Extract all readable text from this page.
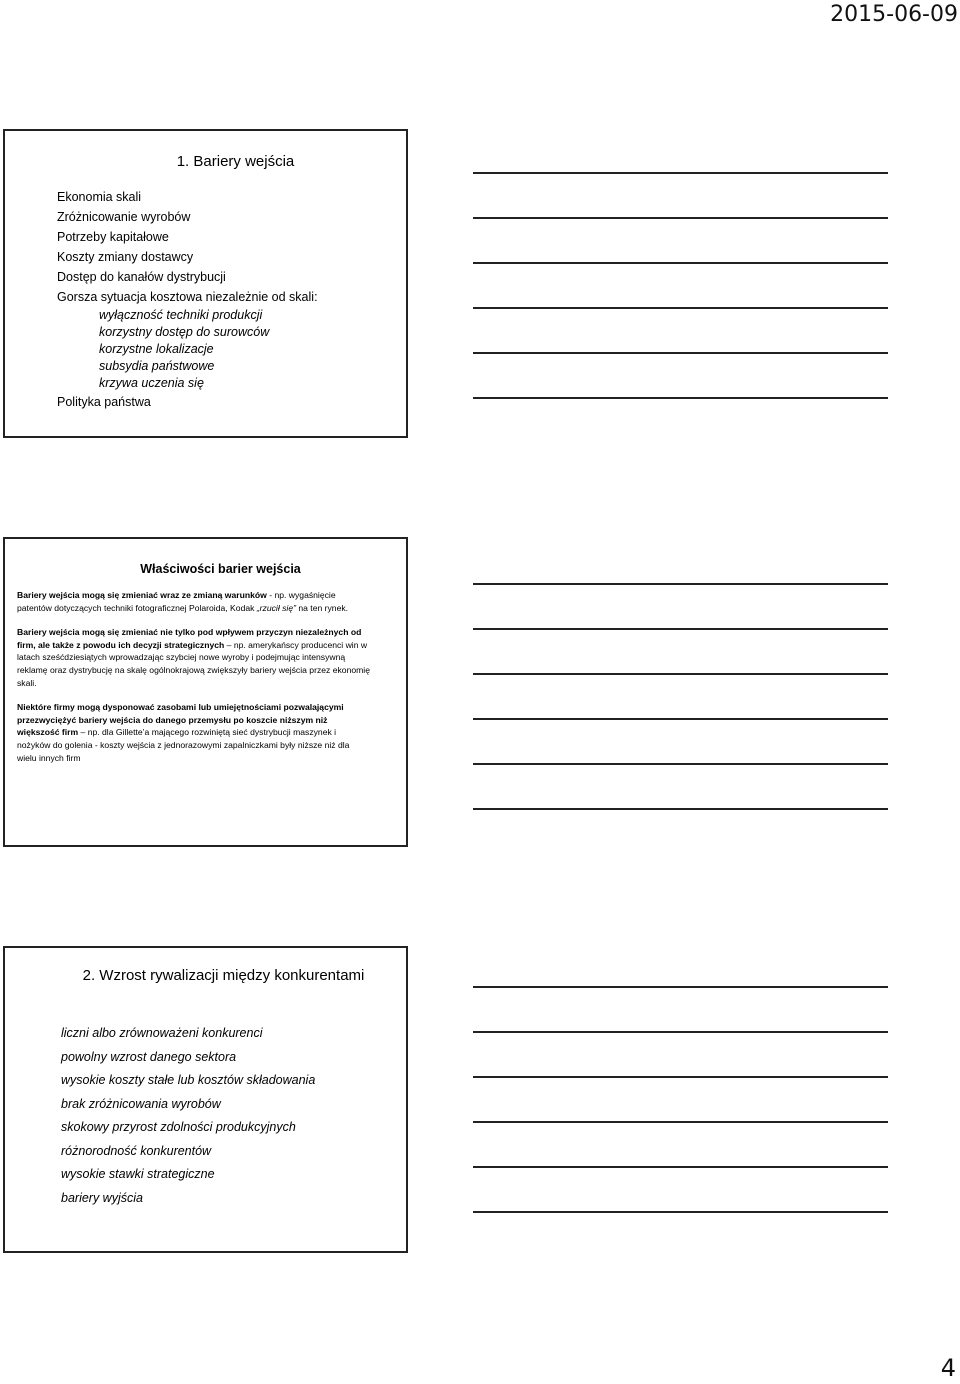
2015-06-09
1. Bariery wejścia
Ekonomia skali
Zróżnicowanie wyrobów
Potrzeby kapitałowe
Koszty zmiany dostawcy
Dostęp do kanałów dystrybucji
Gorsza sytuacja kosztowa niezależnie od skali:
wyłączność techniki produkcji
korzystny dostęp do surowców
korzystne lokalizacje
subsydia państwowe
krzywa uczenia się
Polityka państwa
Właściwości barier wejścia

Bariery wejścia mogą się zmieniać wraz ze zmianą warunków - np. wygaśnięcie patentów dotyczących techniki fotograficznej Polaroida, Kodak „rzucił się” na ten rynek.

Bariery wejścia mogą się zmieniać nie tylko pod wpływem przyczyn niezależnych od firm, ale także z powodu ich decyzji strategicznych – np. amerykańscy producenci win w latach sześćdziesiątych wprowadzając szybciej nowe wyroby i podejmując intensywną reklamę oraz dystrybucję na skalę ogólnokrajową zwiększyły bariery wejścia przez ekonomię skali.

Niektóre firmy mogą dysponować zasobami lub umiejętnościami pozwalającymi przezwyciężyć bariery wejścia do danego przemysłu po koszcie niższym niż większość firm – np. dla Gillette’a mającego rozwiniętą sieć dystrybucji maszynek i nożyków do golenia - koszty wejścia z jednorazowymi zapalniczkami były niższe niż dla wielu innych firm

2. Wzrost rywalizacji między konkurentami
liczni albo zrównoważeni konkurenci
powolny wzrost danego sektora
wysokie koszty stałe lub kosztów składowania
brak zróżnicowania wyrobów
skokowy przyrost zdolności produkcyjnych
różnorodność konkurentów
wysokie stawki strategiczne
bariery wyjścia
4
